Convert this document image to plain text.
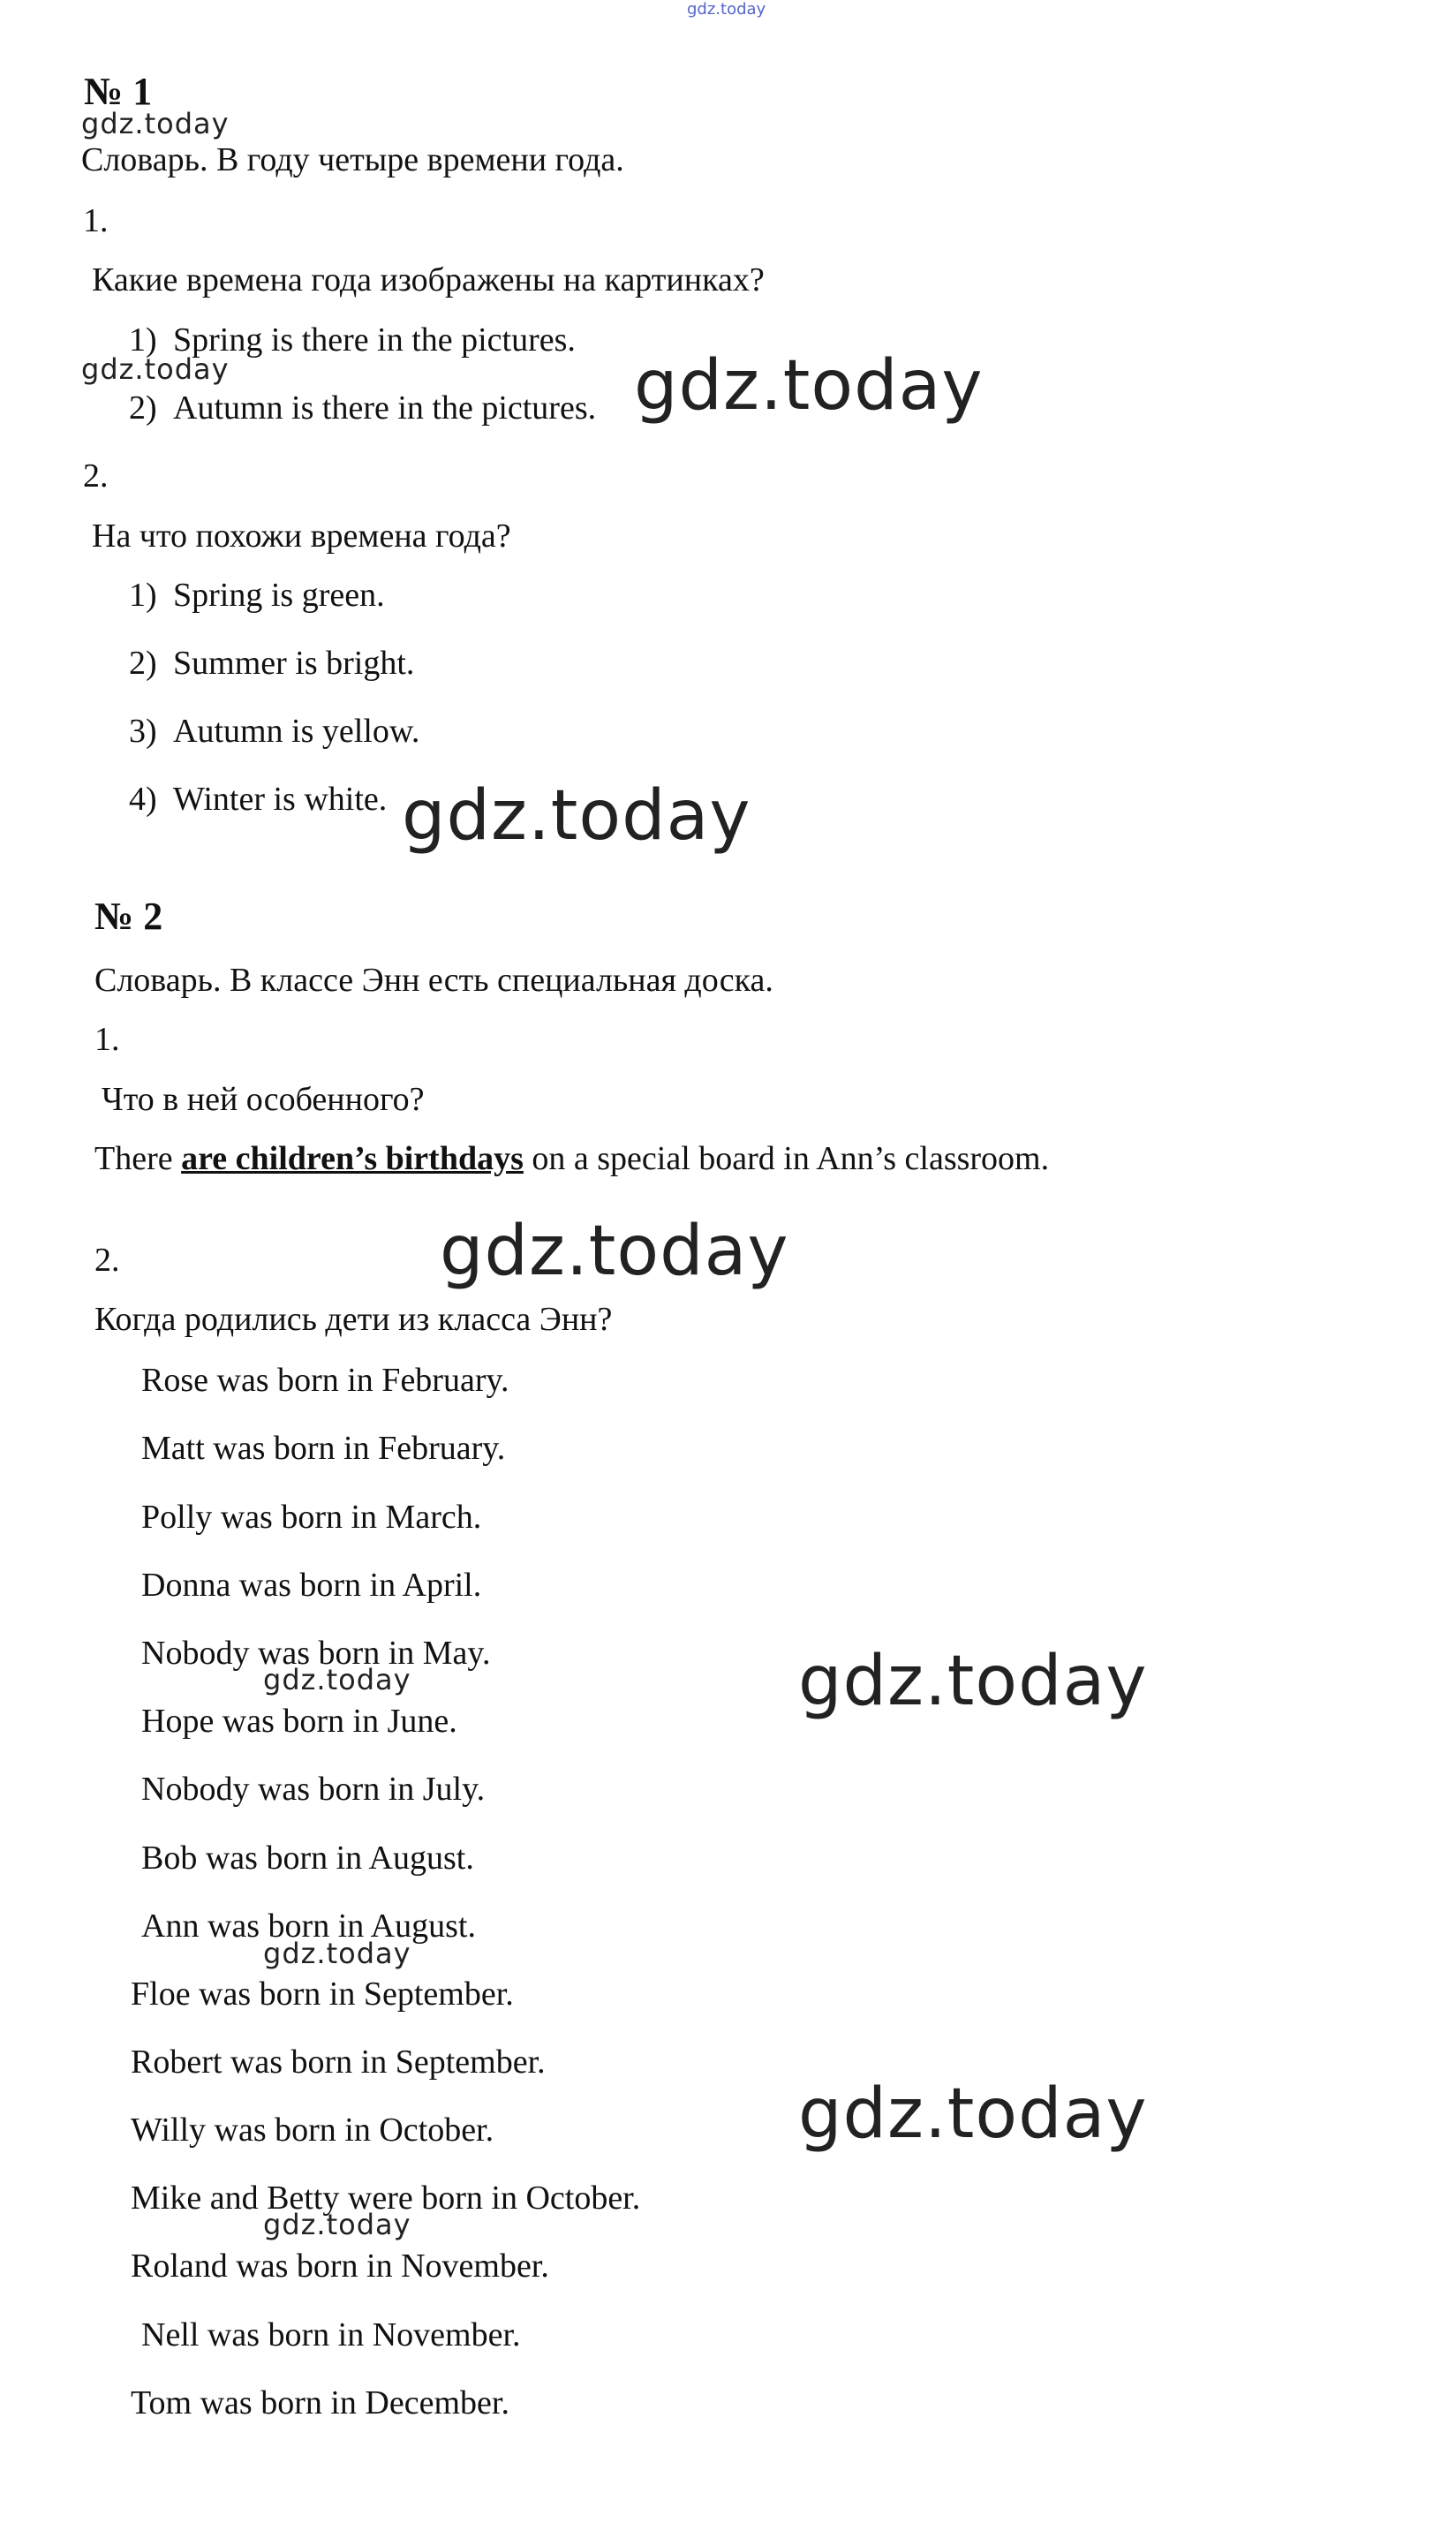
gdz.today
№ 1
gdz.today
Словарь. В году четыре времени года.
1.
Какие времена года изображены на картинках?
1) Spring is there in the pictures.
gdz.today
2) Autumn is there in the pictures. gdz.today
2.
На что похожи времена года?
1) Spring is green.
2) Summer is bright.
3) Autumn is yellow.
4) Winter is white. gdz.today
№ 2
Словарь. В классе Энн есть специальная доска.
1.
Что в ней особенного?
There are children’s birthdays on a special board in Ann’s classroom.
2.	gdz.today
Когда родились дети из класса Энн?
Rose was born in February.
Matt was born in February.
Polly was born in March.
Donna was born in April.
Nobody was born in May.
gdz.today	gdz.today
Hope was born in June.
Nobody was born in July.
Bob was born in August.
Ann was born in August.
gdz.today
Floe was born in September.
Robert was born in September.
gdz.today
Willy was born in October.
Mike and Betty were born in October.
gdz.today
Roland was born in November.
Nell was born in November.
Tom was born in December.
